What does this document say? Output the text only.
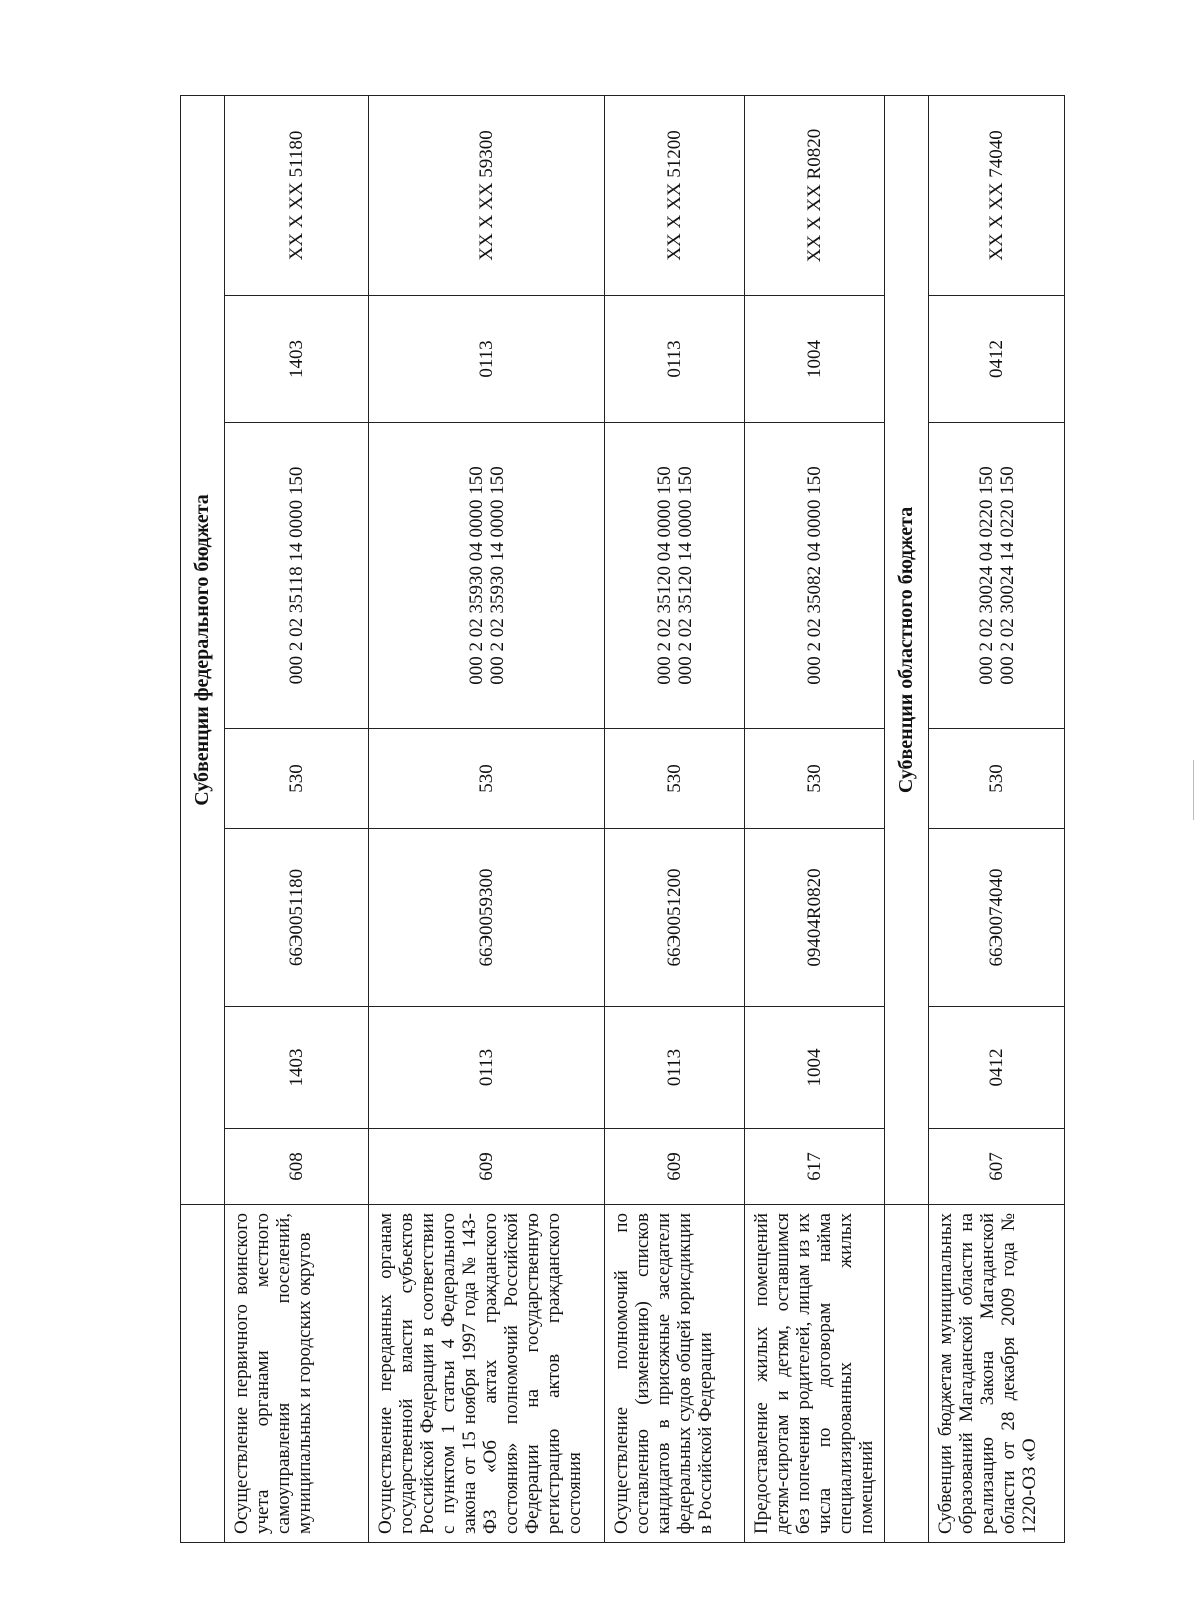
	Субвенции федерального бюджета						
Осуществление первичного воинского учета органами местного самоуправления поселений, муниципальных и городских округов	608	1403	66Э0051180	530	000 2 02 35118 14 0000 150	1403	XX X XX 51180
Осуществление переданных органам государственной власти субъектов Российской Федерации в соответствии с пунктом 1 статьи 4 Федерального закона от 15 ноября 1997 года № 143-ФЗ «Об актах гражданского состояния» полномочий Российской Федерации на государственную регистрацию актов гражданского состояния	609	0113	66Э0059300	530	000 2 02 35930 04 0000 150 000 2 02 35930 14 0000 150	0113	XX X XX 59300
Осуществление полномочий по составлению (изменению) списков кандидатов в присяжные заседатели федеральных судов общей юрисдикции в Российской Федерации	609	0113	66Э0051200	530	000 2 02 35120 04 0000 150 000 2 02 35120 14 0000 150	0113	XX X XX 51200
Предоставление жилых помещений детям-сиротам и детям, оставшимся без попечения родителей, лицам из их числа по договорам найма специализированных жилых помещений	617	1004	09404R0820	530	000 2 02 35082 04 0000 150	1004	XX X XX R0820
	Субвенции областного бюджета						
Субвенции бюджетам муниципальных образований Магаданской области на реализацию Закона Магаданской области от 28 декабря 2009 года № 1220-ОЗ «О	607	0412	66Э0074040	530	000 2 02 30024 04 0220 150 000 2 02 30024 14 0220 150	0412	XX X XX 74040
